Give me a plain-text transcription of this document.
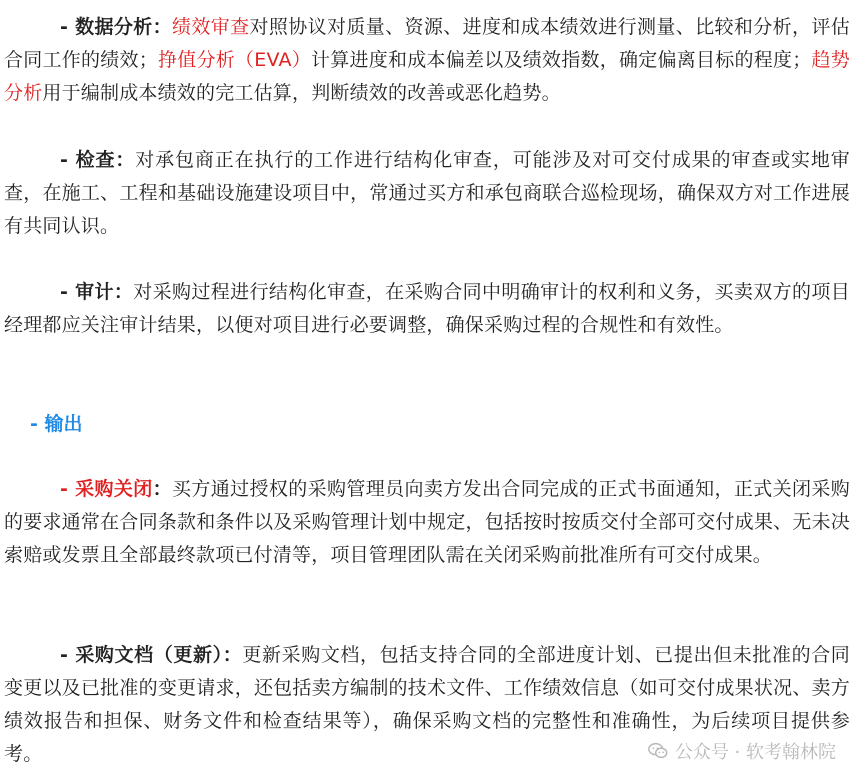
- 数据分析：绩效审查对照协议对质量、资源、进度和成本绩效进行测量、比较和分析，评估合同工作的绩效；挣值分析（EVA）计算进度和成本偏差以及绩效指数，确定偏离目标的程度；趋势分析用于编制成本绩效的完工估算，判断绩效的改善或恶化趋势。

- 检查：对承包商正在执行的工作进行结构化审查，可能涉及对可交付成果的审查或实地审查，在施工、工程和基础设施建设项目中，常通过买方和承包商联合巡检现场，确保双方对工作进展有共同认识。

- 审计：对采购过程进行结构化审查，在采购合同中明确审计的权利和义务，买卖双方的项目经理都应关注审计结果，以便对项目进行必要调整，确保采购过程的合规性和有效性。

- 输出

- 采购关闭：买方通过授权的采购管理员向卖方发出合同完成的正式书面通知，正式关闭采购的要求通常在合同条款和条件以及采购管理计划中规定，包括按时按质交付全部可交付成果、无未决索赔或发票且全部最终款项已付清等，项目管理团队需在关闭采购前批准所有可交付成果。

- 采购文档（更新）：更新采购文档，包括支持合同的全部进度计划、已提出但未批准的合同变更以及已批准的变更请求，还包括卖方编制的技术文件、工作绩效信息（如可交付成果状况、卖方绩效报告和担保、财务文件和检查结果等），确保采购文档的完整性和准确性，为后续项目提供参考。	公众号 · 软考翰林院
